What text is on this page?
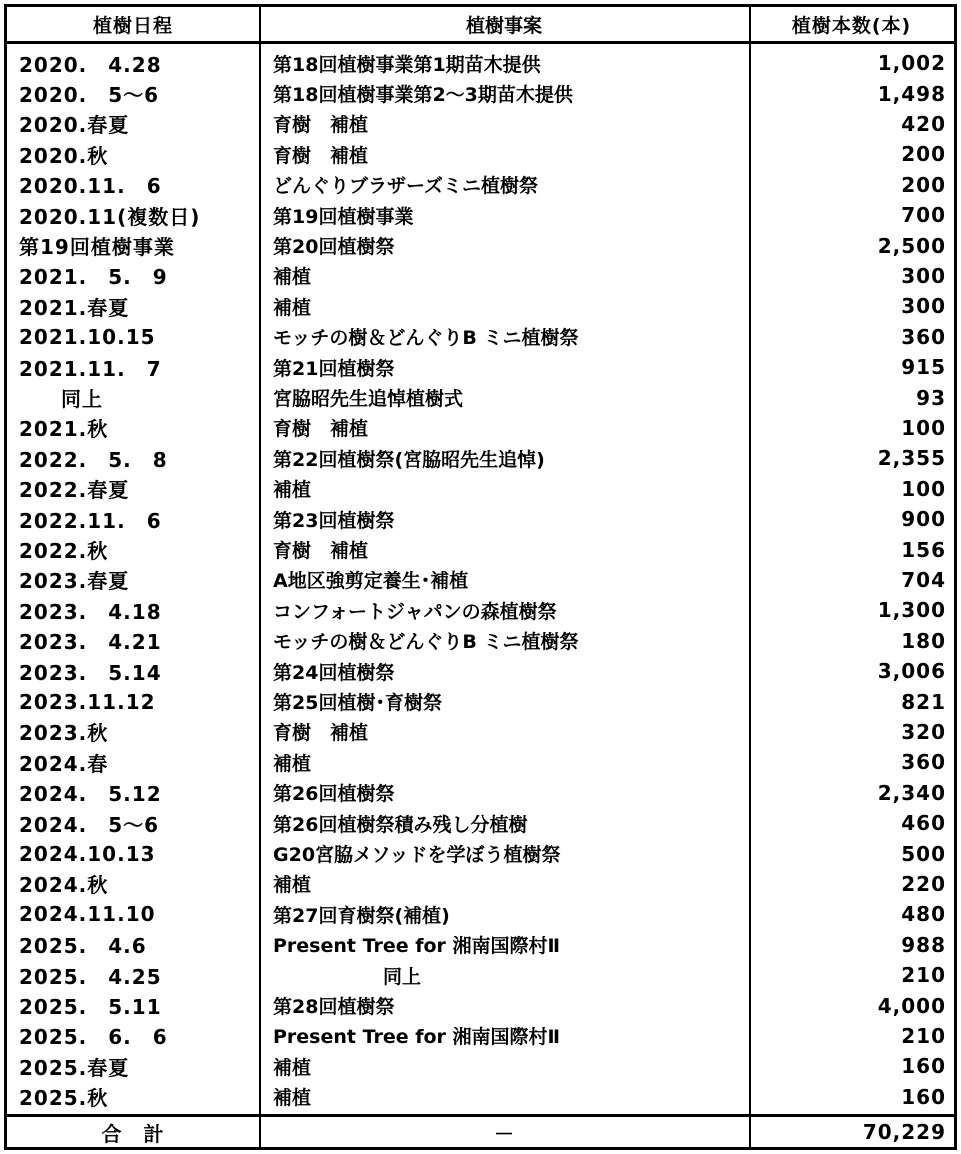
植樹日程	植樹事案	植樹本数(本)
2020.　4.28	第18回植樹事業第1期苗木提供	1,002
2020.　5～6	第18回植樹事業第2～3期苗木提供	1,498
2020.春夏	育樹　補植	420
2020.秋	育樹　補植	200
2020.11.　6	どんぐりブラザーズミニ植樹祭	200
2020.11(複数日)	第19回植樹事業	700
第19回植樹事業	第20回植樹祭	2,500
2021.　5.　9	補植	300
2021.春夏	補植	300
2021.10.15	モッチの樹＆どんぐりB ミニ植樹祭	360
2021.11.　7	第21回植樹祭	915
同上	宮脇昭先生追悼植樹式	93
2021.秋	育樹　補植	100
2022.　5.　8	第22回植樹祭(宮脇昭先生追悼)	2,355
2022.春夏	補植	100
2022.11.　6	第23回植樹祭	900
2022.秋	育樹　補植	156
2023.春夏	A地区強剪定養生･補植	704
2023.　4.18	コンフォートジャパンの森植樹祭	1,300
2023.　4.21	モッチの樹＆どんぐりB ミニ植樹祭	180
2023.　5.14	第24回植樹祭	3,006
2023.11.12	第25回植樹･育樹祭	821
2023.秋	育樹　補植	320
2024.春	補植	360
2024.　5.12	第26回植樹祭	2,340
2024.　5～6	第26回植樹祭積み残し分植樹	460
2024.10.13	G20宮脇メソッドを学ぼう植樹祭	500
2024.秋	補植	220
2024.11.10	第27回育樹祭(補植)	480
2025.　4.6	Present Tree for 湘南国際村Ⅱ	988
2025.　4.25	同上	210
2025.　5.11	第28回植樹祭	4,000
2025.　6.　6	Present Tree for 湘南国際村Ⅱ	210
2025.春夏	補植	160
2025.秋	補植	160
合　計	－	70,229
